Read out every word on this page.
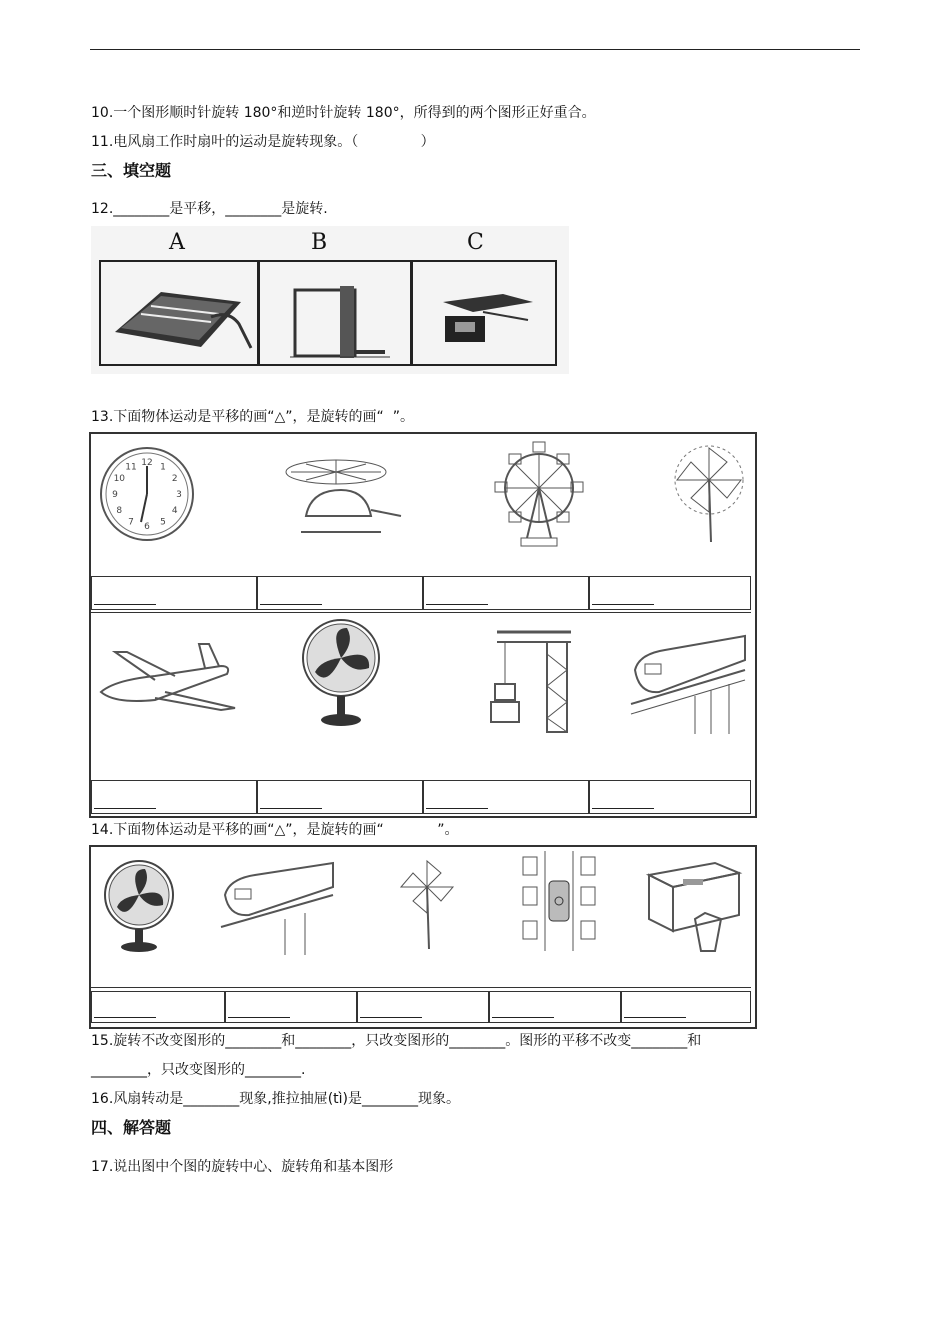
10.一个图形顺时针旋转 180°和逆时针旋转 180°，所得到的两个图形正好重合。
11.电风扇工作时扇叶的运动是旋转现象。（              ）
三、填空题
12.________是平移，________是旋转.
A	B	C
13.下面物体运动是平移的画“△”，是旋转的画“  ”。
12 1
2
3
4
5
6
7
8
9
10
11
14.下面物体运动是平移的画“△”，是旋转的画“            ”。
15.旋转不改变图形的________和________，只改变图形的________。图形的平移不改变________和
________，只改变图形的________.
16.风扇转动是________现象,推拉抽屉(tì)是________现象。
四、解答题
17.说出图中个图的旋转中心、旋转角和基本图形
